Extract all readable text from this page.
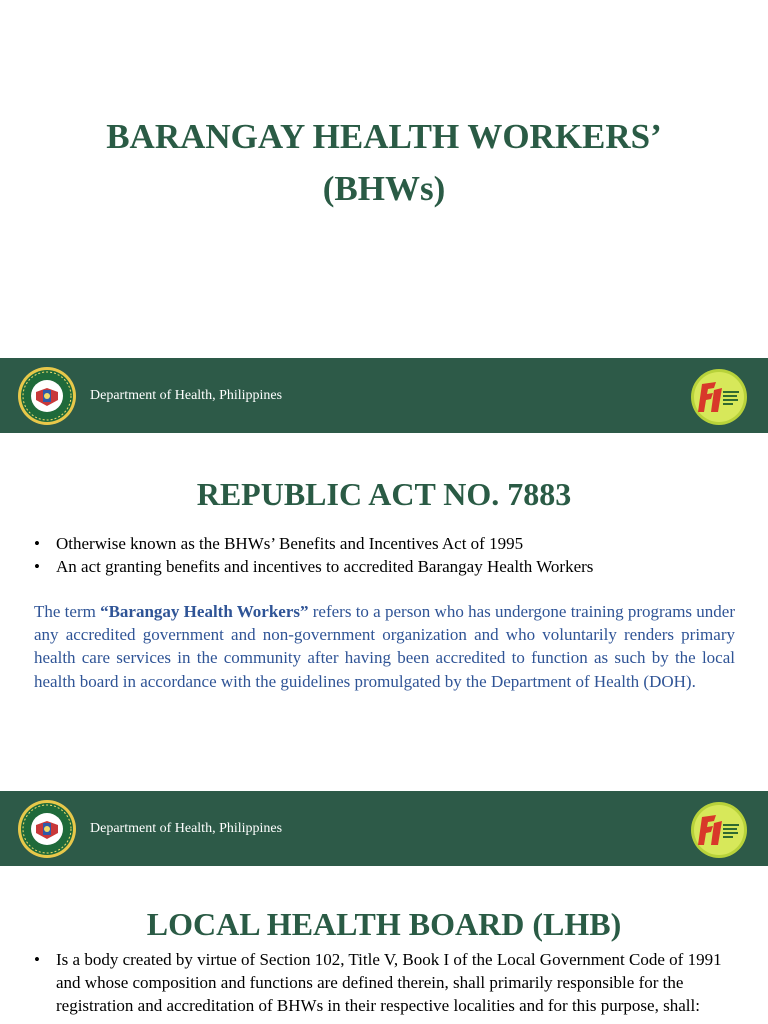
BARANGAY HEALTH WORKERS’
(BHWs)
Department of Health, Philippines
REPUBLIC ACT NO. 7883
• Otherwise known as the BHWs’ Benefits and Incentives Act of 1995
• An act granting benefits and incentives to accredited Barangay Health Workers

The term “Barangay Health Workers” refers to a person who has undergone training programs under any accredited government and non-government organization and who voluntarily renders primary health care services in the community after having been accredited to function as such by the local health board in accordance with the guidelines promulgated by the Department of Health (DOH).

Department of Health, Philippines
LOCAL HEALTH BOARD (LHB)
• Is a body created by virtue of Section 102, Title V, Book I of the Local Government Code of 1991 and whose composition and functions are defined therein, shall primarily responsible for the registration and accreditation of BHWs in their respective localities and for this purpose, shall:
